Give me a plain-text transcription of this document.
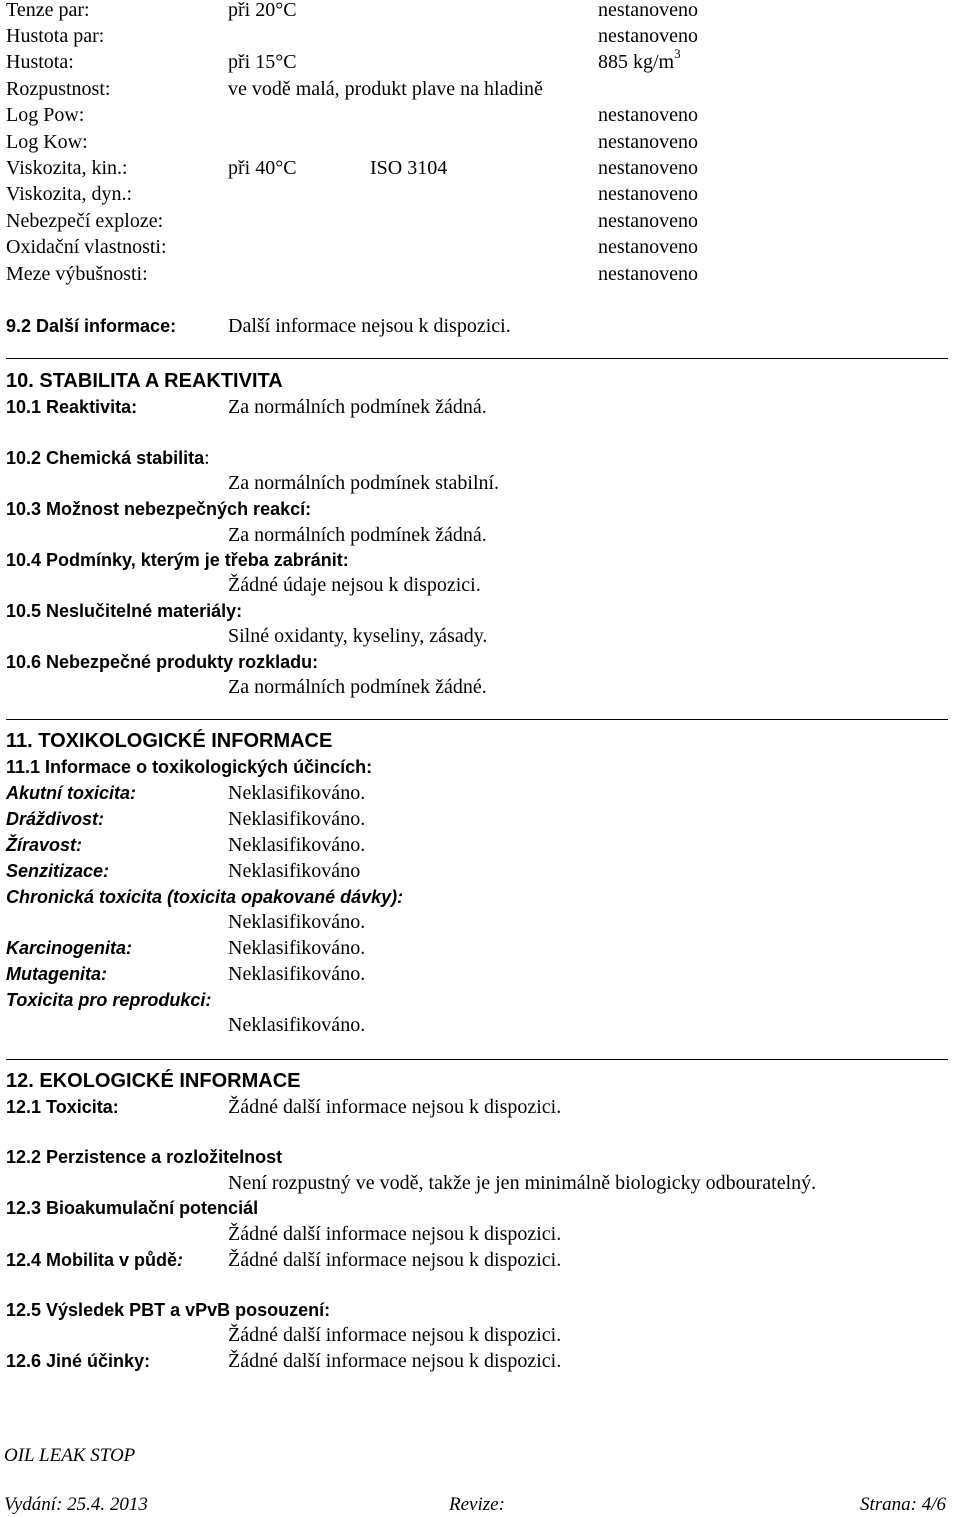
Tenze par:	při 20°C	nestanoveno
Hustota par:	nestanoveno
Hustota:	při 15°C	885 $kg/m^3$
Rozpustnost:	ve vodě malá, produkt plave na hladině
Log Pow:	nestanoveno
Log Kow:	nestanoveno
Viskozita, kin.:	při 40°C	ISO 3104	nestanoveno
Viskozita, dyn.:	nestanoveno
Nebezpečí exploze:	nestanoveno
Oxidační vlastnosti:	nestanoveno
Meze výbušnosti:	nestanoveno
9.2 Další informace:	Další informace nejsou k dispozici.
10. STABILITA A REAKTIVITA
10.1 Reaktivita:	Za normálních podmínek žádná.
10.2 Chemická stabilita:
Za normálních podmínek stabilní.
10.3 Možnost nebezpečných reakcí:
Za normálních podmínek žádná.
10.4 Podmínky, kterým je třeba zabránit:
Žádné údaje nejsou k dispozici.
10.5 Neslučitelné materiály:
Silné oxidanty, kyseliny, zásady.
10.6 Nebezpečné produkty rozkladu:
Za normálních podmínek žádné.
11. TOXIKOLOGICKÉ INFORMACE
11.1 Informace o toxikologických účincích:
Akutní toxicita:	Neklasifikováno.
Dráždivost:	Neklasifikováno.
Žíravost:	Neklasifikováno.
Senzitizace:	Neklasifikováno
Chronická toxicita (toxicita opakované dávky):
Neklasifikováno.
Karcinogenita:	Neklasifikováno.
Mutagenita:	Neklasifikováno.
Toxicita pro reprodukci:
Neklasifikováno.
12. EKOLOGICKÉ INFORMACE
12.1 Toxicita:	Žádné další informace nejsou k dispozici.
12.2 Perzistence a rozložitelnost
Není rozpustný ve vodě, takže je jen minimálně biologicky odbouratelný.
12.3 Bioakumulační potenciál
Žádné další informace nejsou k dispozici.
12.4 Mobilita v půdě: Žádné další informace nejsou k dispozici.
12.5 Výsledek PBT a vPvB posouzení:
Žádné další informace nejsou k dispozici.
12.6 Jiné účinky:	Žádné další informace nejsou k dispozici.
OIL LEAK STOP
Vydání: 25.4. 2013	Revize:	Strana: 4/6
